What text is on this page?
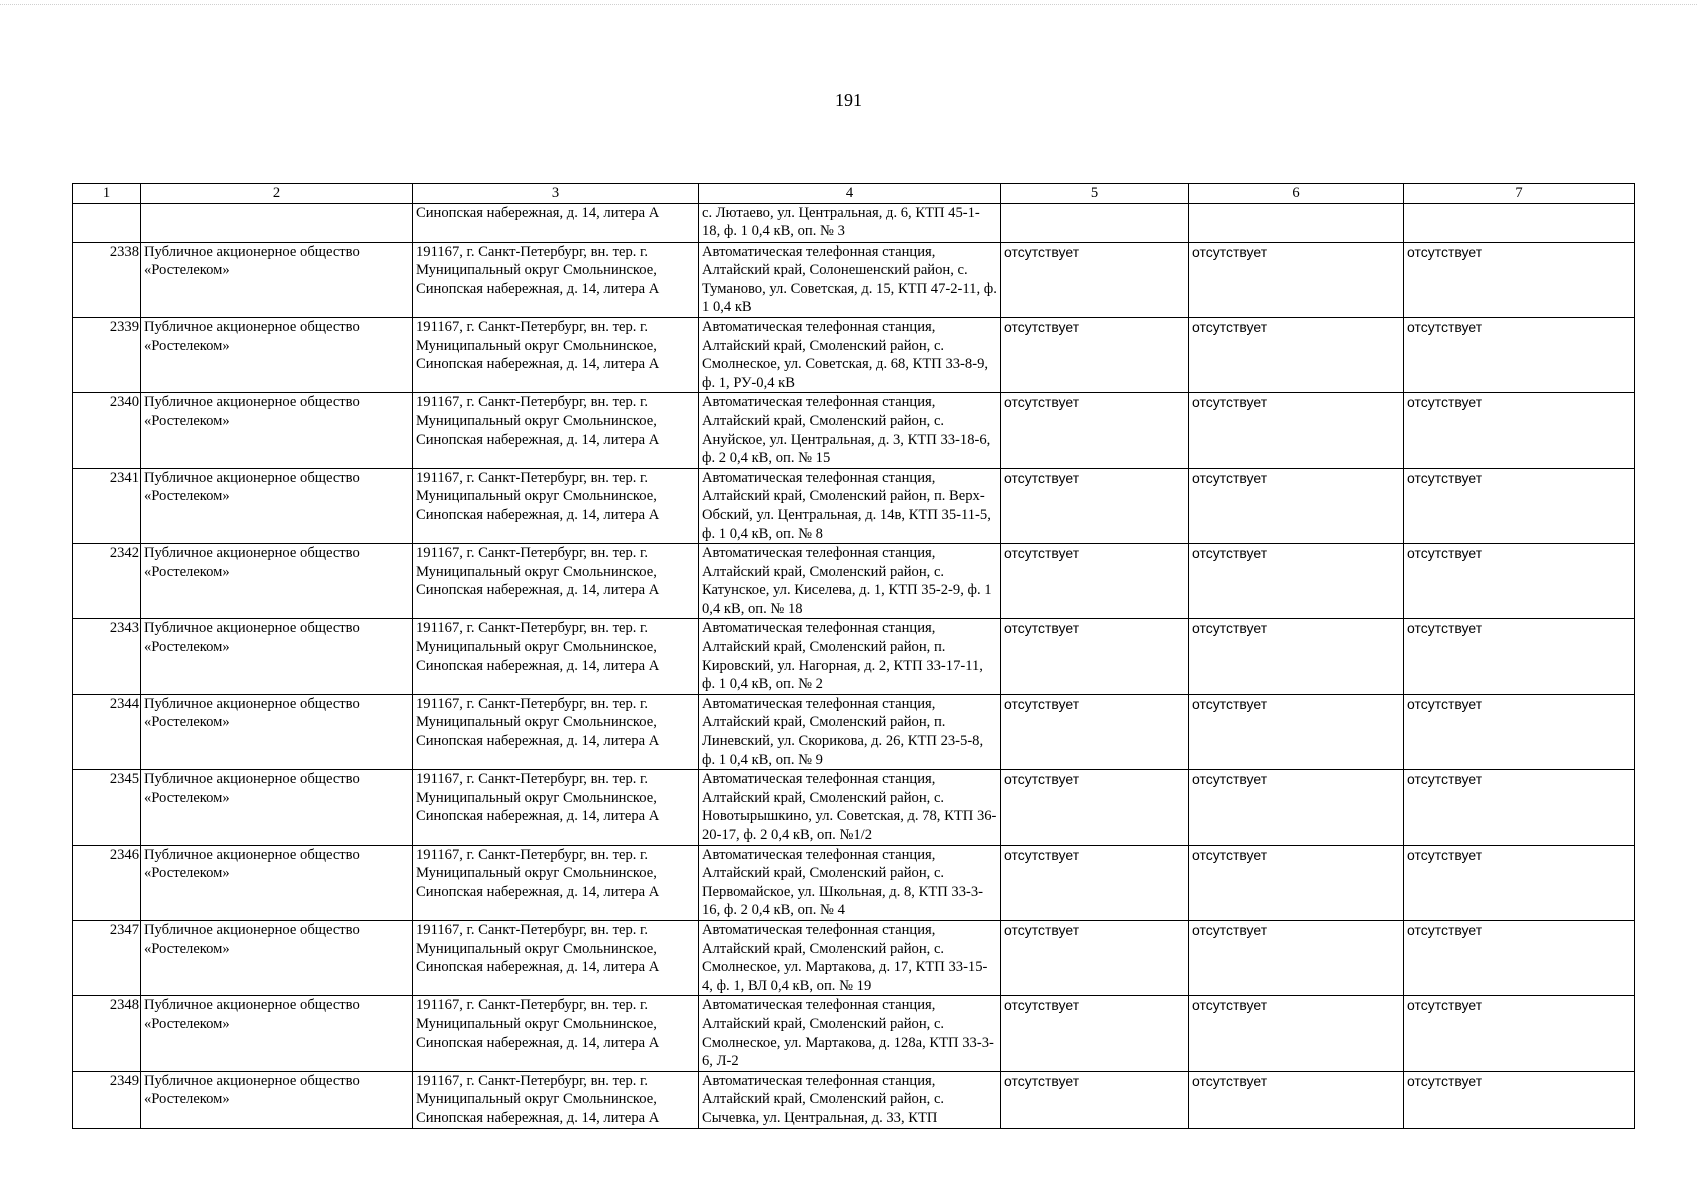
191
1	2	3	4	5	6	7
		Синопская набережная, д. 14, литера А	с. Лютаево, ул. Центральная, д. 6, КТП 45-1-18, ф. 1 0,4 кВ, оп. № 3			
2338	Публичное акционерное общество «Ростелеком»	191167, г. Санкт-Петербург, вн. тер. г. Муниципальный округ Смольнинское, Синопская набережная, д. 14, литера А	Автоматическая телефонная станция, Алтайский край, Солонешенский район, с. Туманово, ул. Советская, д. 15, КТП 47-2-11, ф. 1 0,4 кВ	отсутствует	отсутствует	отсутствует
2339	Публичное акционерное общество «Ростелеком»	191167, г. Санкт-Петербург, вн. тер. г. Муниципальный округ Смольнинское, Синопская набережная, д. 14, литера А	Автоматическая телефонная станция, Алтайский край, Смоленский район, с. Смолнеское, ул. Советская, д. 68, КТП 33-8-9, ф. 1, РУ-0,4 кВ	отсутствует	отсутствует	отсутствует
2340	Публичное акционерное общество «Ростелеком»	191167, г. Санкт-Петербург, вн. тер. г. Муниципальный округ Смольнинское, Синопская набережная, д. 14, литера А	Автоматическая телефонная станция, Алтайский край, Смоленский район, с. Ануйское, ул. Центральная, д. 3, КТП 33-18-6, ф. 2 0,4 кВ, оп. № 15	отсутствует	отсутствует	отсутствует
2341	Публичное акционерное общество «Ростелеком»	191167, г. Санкт-Петербург, вн. тер. г. Муниципальный округ Смольнинское, Синопская набережная, д. 14, литера А	Автоматическая телефонная станция, Алтайский край, Смоленский район, п. Верх-Обский, ул. Центральная, д. 14в, КТП 35-11-5, ф. 1 0,4 кВ, оп. № 8	отсутствует	отсутствует	отсутствует
2342	Публичное акционерное общество «Ростелеком»	191167, г. Санкт-Петербург, вн. тер. г. Муниципальный округ Смольнинское, Синопская набережная, д. 14, литера А	Автоматическая телефонная станция, Алтайский край, Смоленский район, с. Катунское, ул. Киселева, д. 1, КТП 35-2-9, ф. 1 0,4 кВ, оп. № 18	отсутствует	отсутствует	отсутствует
2343	Публичное акционерное общество «Ростелеком»	191167, г. Санкт-Петербург, вн. тер. г. Муниципальный округ Смольнинское, Синопская набережная, д. 14, литера А	Автоматическая телефонная станция, Алтайский край, Смоленский район, п. Кировский, ул. Нагорная, д. 2, КТП 33-17-11, ф. 1 0,4 кВ, оп. № 2	отсутствует	отсутствует	отсутствует
2344	Публичное акционерное общество «Ростелеком»	191167, г. Санкт-Петербург, вн. тер. г. Муниципальный округ Смольнинское, Синопская набережная, д. 14, литера А	Автоматическая телефонная станция, Алтайский край, Смоленский район, п. Линевский, ул. Скорикова, д. 26, КТП 23-5-8, ф. 1 0,4 кВ, оп. № 9	отсутствует	отсутствует	отсутствует
2345	Публичное акционерное общество «Ростелеком»	191167, г. Санкт-Петербург, вн. тер. г. Муниципальный округ Смольнинское, Синопская набережная, д. 14, литера А	Автоматическая телефонная станция, Алтайский край, Смоленский район, с. Новотырышкино, ул. Советская, д. 78, КТП 36-20-17, ф. 2 0,4 кВ, оп. №1/2	отсутствует	отсутствует	отсутствует
2346	Публичное акционерное общество «Ростелеком»	191167, г. Санкт-Петербург, вн. тер. г. Муниципальный округ Смольнинское, Синопская набережная, д. 14, литера А	Автоматическая телефонная станция, Алтайский край, Смоленский район, с. Первомайское, ул. Школьная, д. 8, КТП 33-3-16, ф. 2 0,4 кВ, оп. № 4	отсутствует	отсутствует	отсутствует
2347	Публичное акционерное общество «Ростелеком»	191167, г. Санкт-Петербург, вн. тер. г. Муниципальный округ Смольнинское, Синопская набережная, д. 14, литера А	Автоматическая телефонная станция, Алтайский край, Смоленский район, с. Смолнеское, ул. Мартакова, д. 17, КТП 33-15-4, ф. 1, ВЛ 0,4 кВ, оп. № 19	отсутствует	отсутствует	отсутствует
2348	Публичное акционерное общество «Ростелеком»	191167, г. Санкт-Петербург, вн. тер. г. Муниципальный округ Смольнинское, Синопская набережная, д. 14, литера А	Автоматическая телефонная станция, Алтайский край, Смоленский район, с. Смолнеское, ул. Мартакова, д. 128а, КТП 33-3-6, Л-2	отсутствует	отсутствует	отсутствует
2349	Публичное акционерное общество «Ростелеком»	191167, г. Санкт-Петербург, вн. тер. г. Муниципальный округ Смольнинское, Синопская набережная, д. 14, литера А	Автоматическая телефонная станция, Алтайский край, Смоленский район, с. Сычевка, ул. Центральная, д. 33, КТП	отсутствует	отсутствует	отсутствует
